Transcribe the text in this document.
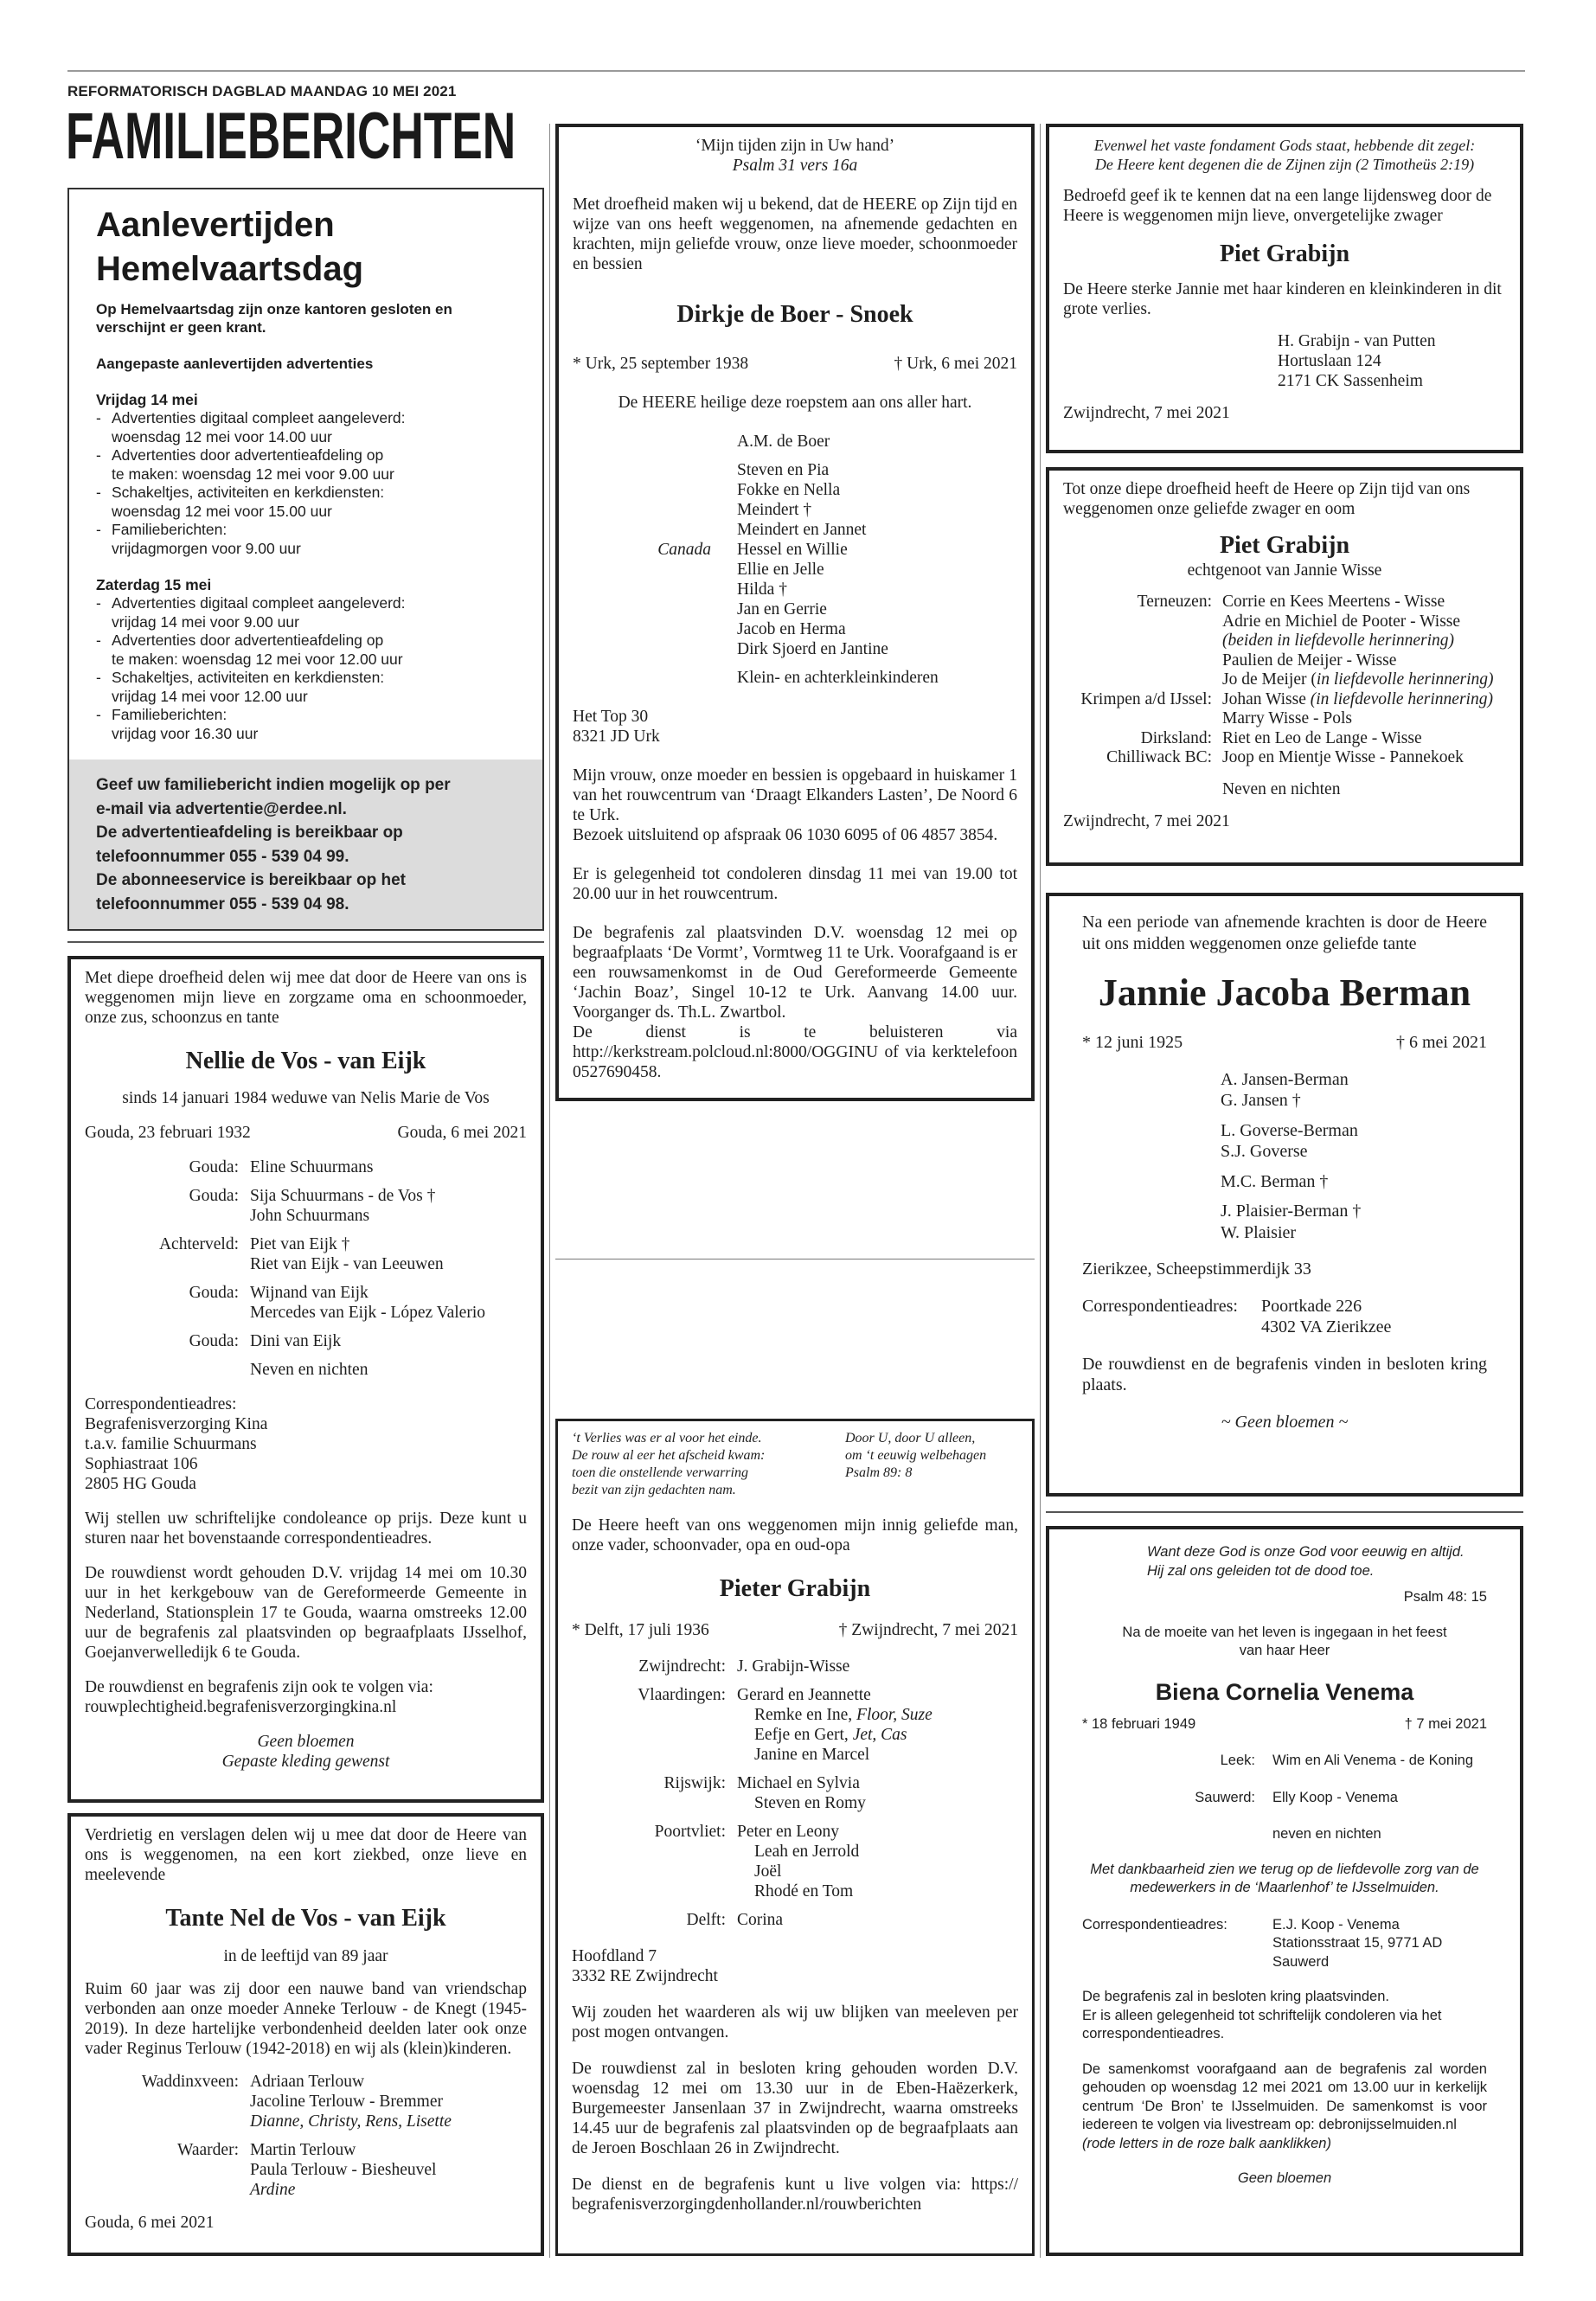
REFORMATORISCH DAGBLAD MAANDAG 10 MEI 2021
FAMILIEBERICHTEN
Aanlevertijden
Hemelvaartsdag
Op Hemelvaartsdag zijn onze kantoren gesloten en verschijnt er geen krant.
Aangepaste aanlevertijden advertenties
Vrijdag 14 mei
- Advertenties digitaal compleet aangeleverd:
woensdag 12 mei voor 14.00 uur
- Advertenties door advertentieafdeling op
te maken: woensdag 12 mei voor 9.00 uur
- Schakeltjes, activiteiten en kerkdiensten:
woensdag 12 mei voor 15.00 uur
- Familieberichten:
vrijdagmorgen voor 9.00 uur
Zaterdag 15 mei
- Advertenties digitaal compleet aangeleverd:
vrijdag 14 mei voor 9.00 uur
- Advertenties door advertentieafdeling op
te maken: woensdag 12 mei voor 12.00 uur
- Schakeltjes, activiteiten en kerkdiensten:
vrijdag 14 mei voor 12.00 uur
- Familieberichten:
vrijdag voor 16.30 uur
Geef uw familiebericht indien mogelijk op per
e-mail via advertentie@erdee.nl.
De advertentieafdeling is bereikbaar op
telefoonnummer 055 - 539 04 99.
De abonneeservice is bereikbaar op het
telefoonnummer 055 - 539 04 98.
Met diepe droefheid delen wij mee dat door de Heere van ons is weggenomen mijn lieve en zorgzame oma en schoonmoeder, onze zus, schoonzus en tante
Nellie de Vos - van Eijk
sinds 14 januari 1984 weduwe van Nelis Marie de Vos
Gouda, 23 februari 1932	Gouda, 6 mei 2021
Gouda: Eline Schuurmans
Gouda: Sija Schuurmans - de Vos †
John Schuurmans
Achterveld: Piet van Eijk †
Riet van Eijk - van Leeuwen
Gouda: Wijnand van Eijk
Mercedes van Eijk - López Valerio
Gouda: Dini van Eijk
Neven en nichten
Correspondentieadres:
Begrafenisverzorging Kina
t.a.v. familie Schuurmans
Sophiastraat 106
2805 HG Gouda
Wij stellen uw schriftelijke condoleance op prijs. Deze kunt u sturen naar het bovenstaande correspondentieadres.
De rouwdienst wordt gehouden D.V. vrijdag 14 mei om 10.30 uur in het kerkgebouw van de Gereformeerde Gemeente in Nederland, Stationsplein 17 te Gouda, waarna omstreeks 12.00 uur de begrafenis zal plaatsvinden op begraafplaats IJsselhof, Goejanverwelledijk 6 te Gouda.
De rouwdienst en begrafenis zijn ook te volgen via:
rouwplechtigheid.begrafenisverzorgingkina.nl
Geen bloemen
Gepaste kleding gewenst
Verdrietig en verslagen delen wij u mee dat door de Heere van ons is weggenomen, na een kort ziekbed, onze lieve en meelevende
Tante Nel de Vos - van Eijk
in de leeftijd van 89 jaar
Ruim 60 jaar was zij door een nauwe band van vriendschap verbonden aan onze moeder Anneke Terlouw - de Knegt (1945-2019). In deze hartelijke verbondenheid deelden later ook onze vader Reginus Terlouw (1942-2018) en wij als (klein)kinderen.
Waddinxveen: Adriaan Terlouw
Jacoline Terlouw - Bremmer
Dianne, Christy, Rens, Lisette
Waarder: Martin Terlouw
Paula Terlouw - Biesheuvel
Ardine
Gouda, 6 mei 2021
‘Mijn tijden zijn in Uw hand’
Psalm 31 vers 16a
Met droefheid maken wij u bekend, dat de HEERE op Zijn tijd en wijze van ons heeft weggenomen, na afnemende gedachten en krachten, mijn geliefde vrouw, onze lieve moeder, schoonmoeder en bessien
Dirkje de Boer - Snoek
* Urk, 25 september 1938	† Urk, 6 mei 2021
De HEERE heilige deze roepstem aan ons aller hart.
A.M. de Boer
Steven en Pia
Fokke en Nella
Meindert †
Meindert en Jannet
Canada Hessel en Willie
Ellie en Jelle
Hilda †
Jan en Gerrie
Jacob en Herma
Dirk Sjoerd en Jantine
Klein- en achterkleinkinderen
Het Top 30
8321 JD Urk
Mijn vrouw, onze moeder en bessien is opgebaard in huiskamer 1 van het rouwcentrum van ‘Draagt Elkanders Lasten’, De Noord 6 te Urk.
Bezoek uitsluitend op afspraak 06 1030 6095 of 06 4857 3854.
Er is gelegenheid tot condoleren dinsdag 11 mei van 19.00 tot 20.00 uur in het rouwcentrum.
De begrafenis zal plaatsvinden D.V. woensdag 12 mei op begraafplaats ‘De Vormt’, Vormtweg 11 te Urk. Voorafgaand is er een rouwsamenkomst in de Oud Gereformeerde Gemeente ‘Jachin Boaz’, Singel 10-12 te Urk. Aanvang 14.00 uur. Voorganger ds. Th.L. Zwartbol.
De dienst is te beluisteren via http://kerkstream.polcloud.nl:8000/OGGINU of via kerktelefoon 0527690458.
‘t Verlies was er al voor het einde.
De rouw al eer het afscheid kwam:
toen die onstellende verwarring
bezit van zijn gedachten nam.
Door U, door U alleen,
om ‘t eeuwig welbehagen
Psalm 89: 8
De Heere heeft van ons weggenomen mijn innig geliefde man, onze vader, schoonvader, opa en oud-opa
Pieter Grabijn
* Delft, 17 juli 1936	† Zwijndrecht, 7 mei 2021
Zwijndrecht: J. Grabijn-Wisse
Vlaardingen: Gerard en Jeannette
Remke en Ine, Floor, Suze
Eefje en Gert, Jet, Cas
Janine en Marcel
Rijswijk: Michael en Sylvia
Steven en Romy
Poortvliet: Peter en Leony
Leah en Jerrold
Joël
Rhodé en Tom
Delft: Corina
Hoofdland 7
3332 RE Zwijndrecht
Wij zouden het waarderen als wij uw blijken van meeleven per post mogen ontvangen.
De rouwdienst zal in besloten kring gehouden worden D.V. woensdag 12 mei om 13.30 uur in de Eben-Haëzerkerk, Burgemeester Jansenlaan 37 in Zwijndrecht, waarna omstreeks 14.45 uur de begrafenis zal plaatsvinden op de begraafplaats aan de Jeroen Boschlaan 26 in Zwijndrecht.
De dienst en de begrafenis kunt u live volgen via: https://​begrafenisverzorgingdenhollander.nl/rouwberichten
Evenwel het vaste fondament Gods staat, hebbende dit zegel:
De Heere kent degenen die de Zijnen zijn (2 Timotheüs 2:19)
Bedroefd geef ik te kennen dat na een lange lijdensweg door de Heere is weggenomen mijn lieve, onvergetelijke zwager
Piet Grabijn
De Heere sterke Jannie met haar kinderen en kleinkinderen in dit grote verlies.
H. Grabijn - van Putten
Hortuslaan 124
2171 CK Sassenheim
Zwijndrecht, 7 mei 2021
Tot onze diepe droefheid heeft de Heere op Zijn tijd van ons weggenomen onze geliefde zwager en oom
Piet Grabijn
echtgenoot van Jannie Wisse
Terneuzen: Corrie en Kees Meertens - Wisse
Adrie en Michiel de Pooter - Wisse
(beiden in liefdevolle herinnering)
Paulien de Meijer - Wisse
Jo de Meijer (in liefdevolle herinnering)
Krimpen a/d IJssel: Johan Wisse (in liefdevolle herinnering)
Marry Wisse - Pols
Dirksland: Riet en Leo de Lange - Wisse
Chilliwack BC: Joop en Mientje Wisse - Pannekoek
Neven en nichten
Zwijndrecht, 7 mei 2021
Na een periode van afnemende krachten is door de Heere uit ons midden weggenomen onze geliefde tante
Jannie Jacoba Berman
* 12 juni 1925	† 6 mei 2021
A. Jansen-Berman
G. Jansen †
L. Goverse-Berman
S.J. Goverse
M.C. Berman †
J. Plaisier-Berman †
W. Plaisier
Zierikzee, Scheepstimmerdijk 33
Correspondentieadres:	Poortkade 226
4302 VA Zierikzee
De rouwdienst en de begrafenis vinden in besloten kring plaats.
~ Geen bloemen ~
Want deze God is onze God voor eeuwig en altijd.
Hij zal ons geleiden tot de dood toe.
Psalm 48: 15
Na de moeite van het leven is ingegaan in het feest
van haar Heer
Biena Cornelia Venema
* 18 februari 1949	† 7 mei 2021
Leek: Wim en Ali Venema - de Koning
Sauwerd: Elly Koop - Venema
neven en nichten
Met dankbaarheid zien we terug op de liefdevolle zorg van de medewerkers in de ‘Maarlenhof’ te IJsselmuiden.
Correspondentieadres:	E.J. Koop - Venema
Stationsstraat 15, 9771 AD
Sauwerd
De begrafenis zal in besloten kring plaatsvinden.
Er is alleen gelegenheid tot schriftelijk condoleren via het correspondentieadres.
De samenkomst voorafgaand aan de begrafenis zal worden gehouden op woensdag 12 mei 2021 om 13.00 uur in kerkelijk centrum ‘De Bron’ te IJsselmuiden. De samenkomst is voor iedereen te volgen via livestream op: debronijsselmuiden.nl
(rode letters in de roze balk aanklikken)
Geen bloemen
